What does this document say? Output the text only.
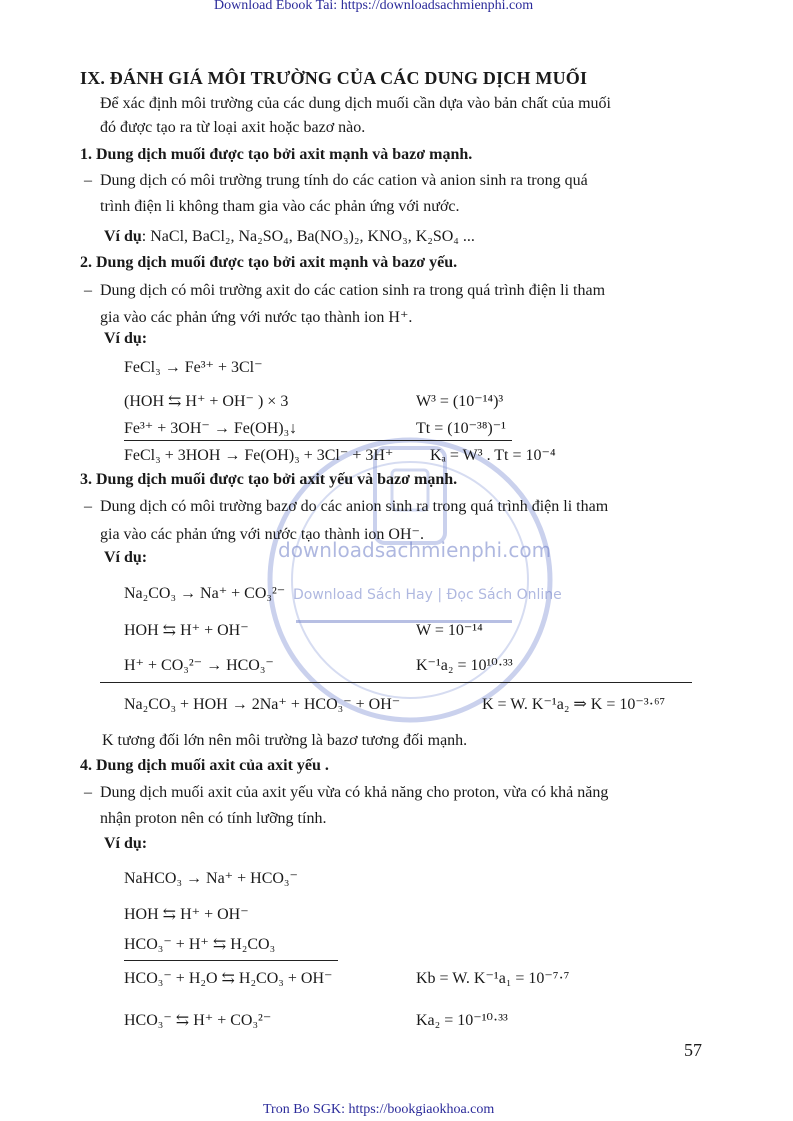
Download Ebook Tai: https://downloadsachmienphi.com
Tron Bo SGK: https://bookgiaokhoa.com
downloadsachmienphi.com
Download Sách Hay | Đọc Sách Online
IX. ĐÁNH GIÁ MÔI TRƯỜNG CỦA CÁC DUNG DỊCH MUỐI
Để xác định môi trường của các dung dịch muối cần dựa vào bản chất của muối
đó được tạo ra từ loại axit hoặc bazơ nào.
1. Dung dịch muối được tạo bởi axit mạnh và bazơ mạnh.
– Dung dịch có môi trường trung tính do các cation và anion sinh ra trong quá
trình điện li không tham gia vào các phản ứng với nước.
Ví dụ: NaCl, BaCl₂, Na₂SO₄, Ba(NO₃)₂, KNO₃, K₂SO₄ ...
2. Dung dịch muối được tạo bởi axit mạnh và bazơ yếu.
– Dung dịch có môi trường axit do các cation sinh ra trong quá trình điện li tham
gia vào các phản ứng với nước tạo thành ion H⁺.
Ví dụ:
FeCl₃ → Fe³⁺ + 3Cl⁻
(HOH ⇆ H⁺ + OH⁻ ) × 3	W³ = (10⁻¹⁴)³
Fe³⁺ + 3OH⁻ → Fe(OH)₃↓	Tt = (10⁻³⁸)⁻¹
FeCl₃ + 3HOH → Fe(OH)₃ + 3Cl⁻ + 3H⁺ Kₐ = W³ . Tt = 10⁻⁴
3. Dung dịch muối được tạo bởi axit yếu và bazơ mạnh.
– Dung dịch có môi trường bazơ do các anion sinh ra trong quá trình điện li tham
gia vào các phản ứng với nước tạo thành ion OH⁻.
Ví dụ:
Na₂CO₃ → Na⁺ + CO₃²⁻
HOH ⇆ H⁺ + OH⁻	W = 10⁻¹⁴
H⁺ + CO₃²⁻ → HCO₃⁻	K⁻¹a₂ = 10¹⁰·³³
Na₂CO₃ + HOH → 2Na⁺ + HCO₃⁻ + OH⁻	K = W. K⁻¹a₂ ⇒ K = 10⁻³·⁶⁷
K tương đối lớn nên môi trường là bazơ tương đối mạnh.
4. Dung dịch muối axit của axit yếu .
– Dung dịch muối axit của axit yếu vừa có khả năng cho proton, vừa có khả năng
nhận proton nên có tính lưỡng tính.
Ví dụ:
NaHCO₃ → Na⁺ + HCO₃⁻
HOH ⇆ H⁺ + OH⁻
HCO₃⁻ + H⁺ ⇆ H₂CO₃
HCO₃⁻ + H₂O ⇆ H₂CO₃ + OH⁻	Kb = W. K⁻¹a₁ = 10⁻⁷·⁷
HCO₃⁻ ⇆ H⁺ + CO₃²⁻	Ka₂ = 10⁻¹⁰·³³
57
